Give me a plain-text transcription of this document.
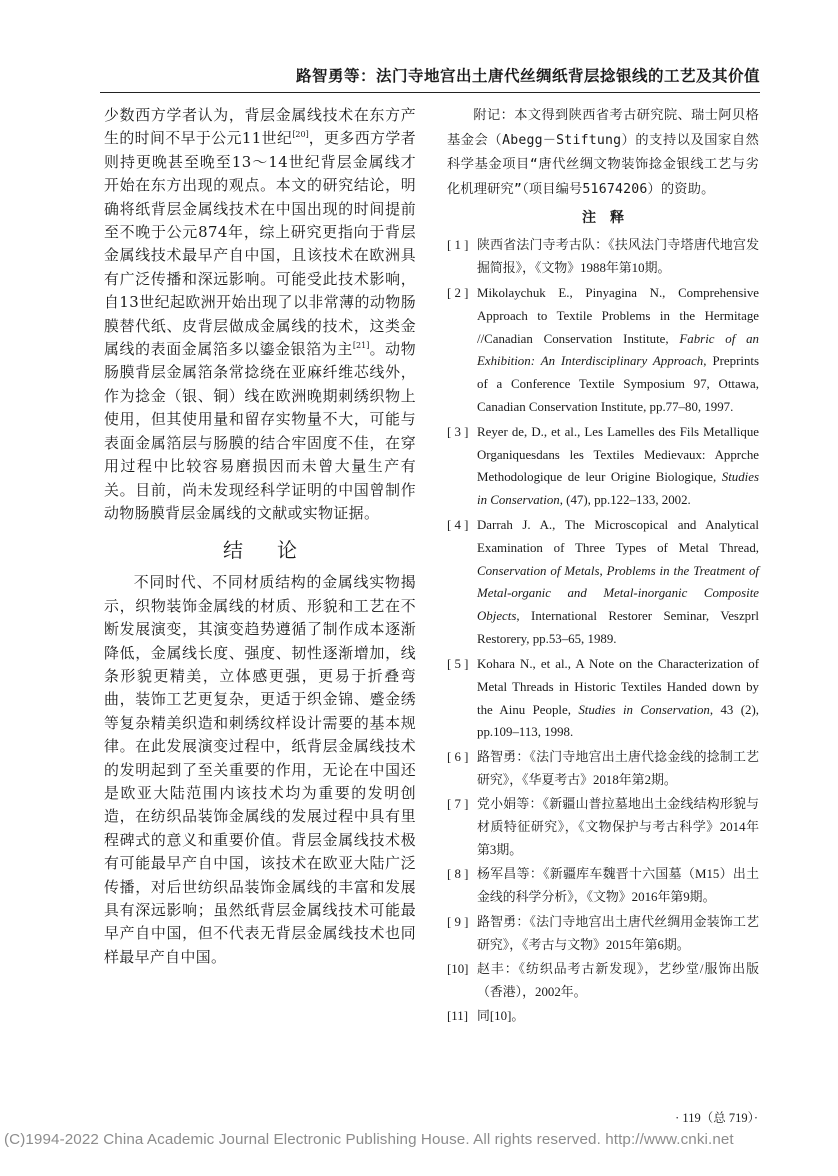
路智勇等：法门寺地宫出土唐代丝绸纸背层捻银线的工艺及其价值

少数西方学者认为，背层金属线技术在东方产生的时间不早于公元11世纪[20]，更多西方学者则持更晚甚至晚至13～14世纪背层金属线才开始在东方出现的观点。本文的研究结论，明确将纸背层金属线技术在中国出现的时间提前至不晚于公元874年，综上研究更指向于背层金属线技术最早产自中国，且该技术在欧洲具有广泛传播和深远影响。可能受此技术影响，自13世纪起欧洲开始出现了以非常薄的动物肠膜替代纸、皮背层做成金属线的技术，这类金属线的表面金属箔多以鎏金银箔为主[21]。动物肠膜背层金属箔条常捻绕在亚麻纤维芯线外，作为捻金（银、铜）线在欧洲晚期刺绣织物上使用，但其使用量和留存实物量不大，可能与表面金属箔层与肠膜的结合牢固度不佳，在穿用过程中比较容易磨损因而未曾大量生产有关。目前，尚未发现经科学证明的中国曾制作动物肠膜背层金属线的文献或实物证据。

结论

不同时代、不同材质结构的金属线实物揭示，织物装饰金属线的材质、形貌和工艺在不断发展演变，其演变趋势遵循了制作成本逐渐降低，金属线长度、强度、韧性逐渐增加，线条形貌更精美，立体感更强，更易于折叠弯曲，装饰工艺更复杂，更适于织金锦、蹙金绣等复杂精美织造和刺绣纹样设计需要的基本规律。在此发展演变过程中，纸背层金属线技术的发明起到了至关重要的作用，无论在中国还是欧亚大陆范围内该技术均为重要的发明创造，在纺织品装饰金属线的发展过程中具有里程碑式的意义和重要价值。背层金属线技术极有可能最早产自中国，该技术在欧亚大陆广泛传播，对后世纺织品装饰金属线的丰富和发展具有深远影响；虽然纸背层金属线技术可能最早产自中国，但不代表无背层金属线技术也同样最早产自中国。

附记：本文得到陕西省考古研究院、瑞士阿贝格基金会（Abegg－Stiftung）的支持以及国家自然科学基金项目“唐代丝绸文物装饰捻金银线工艺与劣化机理研究”（项目编号51674206）的资助。

注释
[ 1 ] 陕西省法门寺考古队：《扶风法门寺塔唐代地宫发掘简报》，《文物》1988年第10期。
[ 2 ] Mikolaychuk E., Pinyagina N., Comprehensive Approach to Textile Problems in the Hermitage //Canadian Conservation Institute, Fabric of an Exhibition: An Interdisciplinary Approach, Preprints of a Conference Textile Symposium 97, Ottawa, Canadian Conservation Institute, pp.77–80, 1997.
[ 3 ] Reyer de, D., et al., Les Lamelles des Fils Metallique Organiquesdans les Textiles Medievaux: Apprche Methodologique de leur Origine Biologique, Studies in Conservation, (47), pp.122–133, 2002.
[ 4 ] Darrah J. A., The Microscopical and Analytical Examination of Three Types of Metal Thread, Conservation of Metals, Problems in the Treatment of Metal-organic and Metal-inorganic Composite Objects, International Restorer Seminar, Veszprl Restorery, pp.53–65, 1989.
[ 5 ] Kohara N., et al., A Note on the Characterization of Metal Threads in Historic Textiles Handed down by the Ainu People, Studies in Conservation, 43 (2), pp.109–113, 1998.
[ 6 ] 路智勇：《法门寺地宫出土唐代捻金线的捻制工艺研究》，《华夏考古》2018年第2期。
[ 7 ] 党小娟等：《新疆山普拉墓地出土金线结构形貌与材质特征研究》，《文物保护与考古科学》2014年第3期。
[ 8 ] 杨军昌等：《新疆库车魏晋十六国墓（M15）出土金线的科学分析》，《文物》2016年第9期。
[ 9 ] 路智勇：《法门寺地宫出土唐代丝绸用金装饰工艺研究》，《考古与文物》2015年第6期。
[10] 赵丰：《纺织品考古新发现》，艺纱堂/服饰出版（香港），2002年。
[11] 同[10]。
· 119（总 719）·
(C)1994-2022 China Academic Journal Electronic Publishing House. All rights reserved. http://www.cnki.net
